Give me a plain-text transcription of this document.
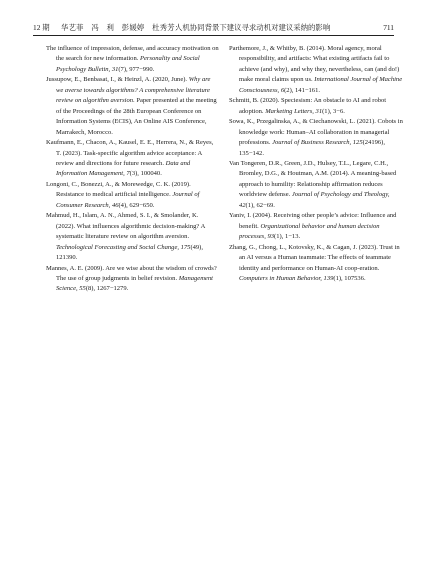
12 期 华艺菲　冯　利　彭媛婷　杜秀芳：
人机协同背景下建议寻求动机对建议采纳的影响	711

The influence of impression, defense, and accuracy motivation on the search for new information. Personality and Social Psychology Bulletin, 31(7), 977−990.

Jussupow, E., Benbasat, I., & Heinzl, A. (2020, June). Why are we averse towards algorithms? A comprehensive literature review on algorithm aversion. Paper presented at the meeting of the Proceedings of the 28th European Conference on Information Systems (ECIS), An Online AIS Conference, Marrakech, Morocco.

Kaufmann, E., Chacon, A., Kausel, E. E., Herrera, N., & Reyes, T. (2023). Task-specific algorithm advice acceptance: A review and directions for future research. Data and Information Management, 7(3), 100040.

Longoni, C., Bonezzi, A., & Morewedge, C. K. (2019). Resistance to medical artificial intelligence. Journal of Consumer Research, 46(4), 629−650.

Mahmud, H., Islam, A. N., Ahmed, S. I., & Smolander, K. (2022). What influences algorithmic decision-making? A systematic literature review on algorithm aversion. Technological Forecasting and Social Change, 175(49), 121390.

Mannes, A. E. (2009). Are we wise about the wisdom of crowds? The use of group judgments in belief revision. Management Science, 55(8), 1267−1279.

Parthemore, J., & Whitby, B. (2014). Moral agency, moral responsibility, and artifacts: What existing artifacts fail to achieve (and why), and why they, nevertheless, can (and do!) make moral claims upon us. International Journal of Machine Consciousness, 6(2), 141−161.

Schmitt, B. (2020). Speciesism: An obstacle to AI and robot adoption. Marketing Letters, 31(1), 3−6.

Sowa, K., Przegalinska, A., & Ciechanowski, L. (2021). Cobots in knowledge work: Human–AI collaboration in managerial professions. Journal of Business Research, 125(24196), 135−142.

Van Tongeren, D.R., Green, J.D., Hulsey, T.L., Legare, C.H., Bromley, D.G., & Houtman, A.M. (2014). A meaning-based approach to humility: Relationship affirmation reduces worldview defense. Journal of Psychology and Theology, 42(1), 62−69.

Yaniv, I. (2004). Receiving other people’s advice: Influence and benefit. Organizational behavior and human decision processes, 93(1), 1−13.

Zhang, G., Chong, L., Kotovsky, K., & Cagan, J. (2023). Trust in an AI versus a Human teammate: The effects of teammate identity and performance on Human-AI coop-eration. Computers in Human Behavior, 139(1), 107536.
